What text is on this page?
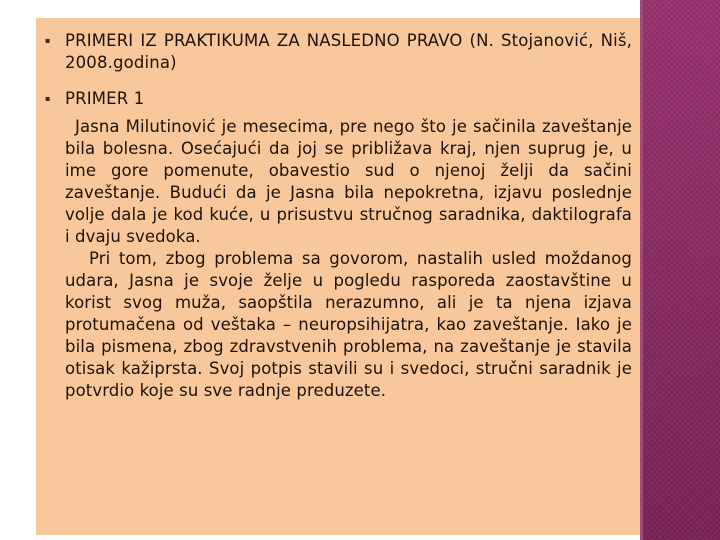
▪ PRIMERI IZ PRAKTIKUMA ZA NASLEDNO PRAVO (N. Stojanović, Niš, 2008.godina)
▪ PRIMER 1

Jasna Milutinović je mesecima, pre nego što je sačinila zaveštanje bila bolesna. Osećajući da joj se približava kraj, njen suprug je, u ime gore pomenute, obavestio sud o njenoj želji da sačini zaveštanje. Budući da je Jasna bila nepokretna, izjavu poslednje volje dala je kod kuće, u prisustvu stručnog saradnika, daktilografa i dvaju svedoka.

Pri tom, zbog problema sa govorom, nastalih usled moždanog udara, Jasna je svoje želje u pogledu rasporeda zaostavštine u korist svog muža, saopštila nerazumno, ali je ta njena izjava protumačena od veštaka – neuropsihijatra, kao zaveštanje. Iako je bila pismena, zbog zdravstvenih problema, na zaveštanje je stavila otisak kažiprsta. Svoj potpis stavili su i svedoci, stručni saradnik je potvrdio koje su sve radnje preduzete.
